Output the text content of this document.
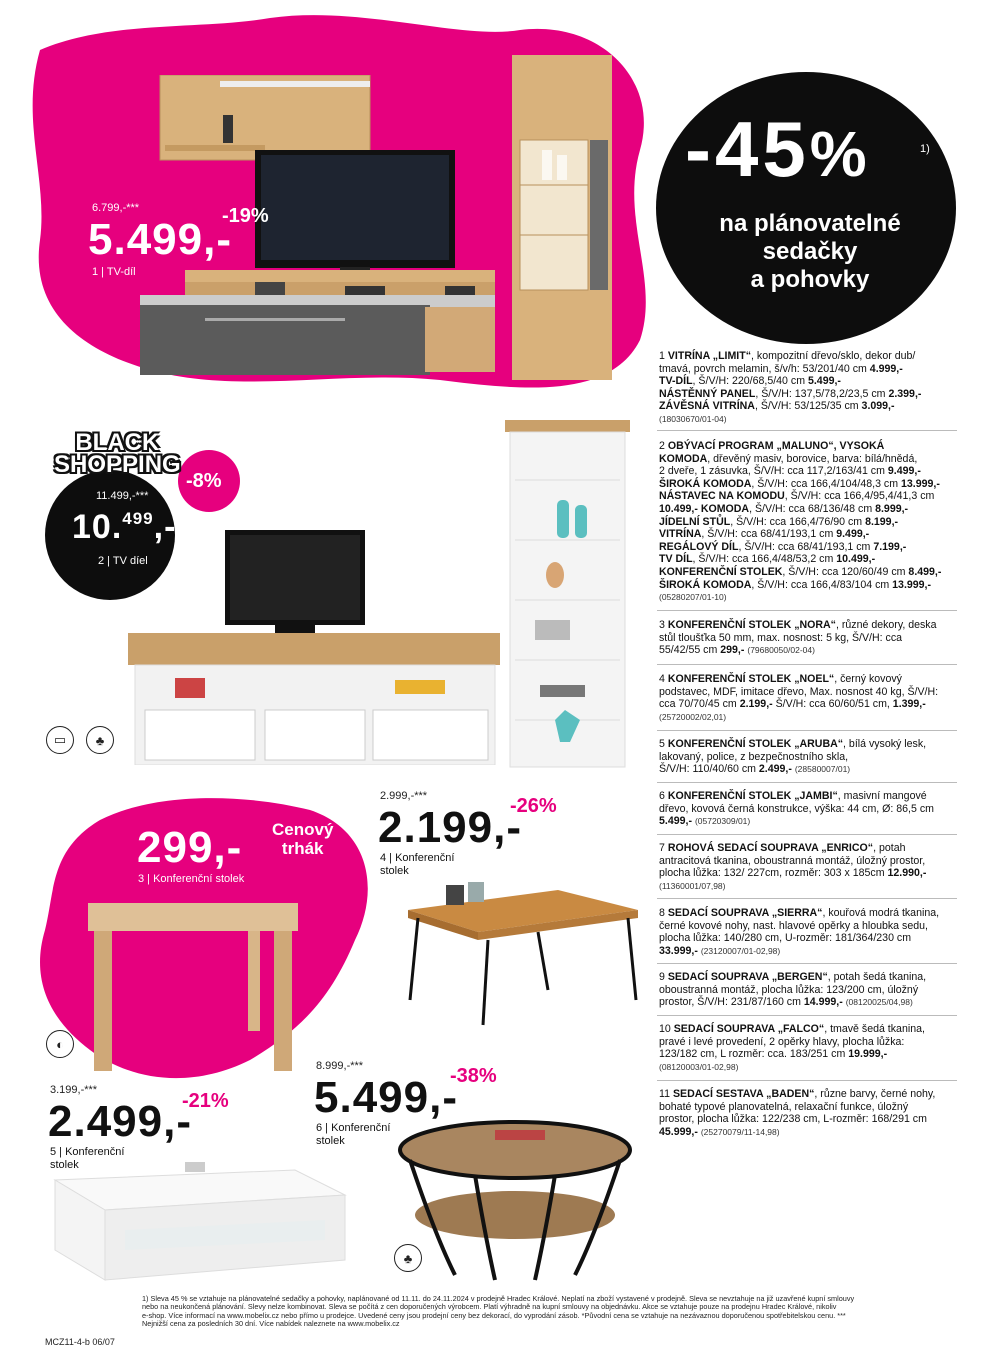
6.799,-***
5.499,-
-19%
1 | TV-díl
-45%	1)
na plánovatelné
sedačky
a pohovky
-8%
BLACK
SHOPPING
11.499,-***
10.$^{499}$,-
2 | TV díel
▭ ♣
299,- Cenový
trhák
3 | Konferenční stolek
◐
2.999,-***
2.199,-
-26%
4 | Konferenční
stolek
3.199,-***
2.499,-
-21%
5 | Konferenční
stolek
8.999,-***
5.499,-
-38%
6 | Konferenční
stolek
♣
1 VITRÍNA „LIMIT“, kompozitní dřevo/sklo, dekor dub/
tmavá, povrch melamin, š/v/h: 53/201/40 cm 4.999,-
TV-DÍL, Š/V/H: 220/68,5/40 cm 5.499,-
NÁSTĚNNÝ PANEL, Š/V/H: 137,5/78,2/23,5 cm 2.399,-
ZÁVĚSNÁ VITRÍNA, Š/V/H: 53/125/35 cm 3.099,-
(18030670/01-04)
2 OBÝVACÍ PROGRAM „MALUNO“, VYSOKÁ
KOMODA, dřevěný masiv, borovice, barva: bílá/hnědá,
2 dveře, 1 zásuvka, Š/V/H: cca 117,2/163/41 cm 9.499,-
ŠIROKÁ KOMODA, Š/V/H: cca 166,4/104/48,3 cm 13.999,-
NÁSTAVEC NA KOMODU, Š/V/H: cca 166,4/95,4/41,3 cm
10.499,- KOMODA, Š/V/H: cca 68/136/48 cm 8.999,-
JÍDELNÍ STŮL, Š/V/H: cca 166,4/76/90 cm 8.199,-
VITRÍNA, Š/V/H: cca 68/41/193,1 cm 9.499,-
REGÁLOVÝ DÍL, Š/V/H: cca 68/41/193,1 cm 7.199,-
TV DÍL, Š/V/H: cca 166,4/48/53,2 cm 10.499,-
KONFERENČNÍ STOLEK, Š/V/H: cca 120/60/49 cm 8.499,-
ŠIROKÁ KOMODA, Š/V/H: cca 166,4/83/104 cm 13.999,-
(05280207/01-10)
3 KONFERENČNÍ STOLEK „NORA“, různé dekory, deska
stůl tloušťka 50 mm, max. nosnost: 5 kg, Š/V/H: cca
55/42/55 cm 299,- (79680050/02-04)
4 KONFERENČNÍ STOLEK „NOEL“, černý kovový
podstavec, MDF, imitace dřevo, Max. nosnost 40 kg, Š/V/H:
cca 70/70/45 cm 2.199,- Š/V/H: cca 60/60/51 cm, 1.399,-
(25720002/02,01)
5 KONFERENČNÍ STOLEK „ARUBA“, bílá vysoký lesk,
lakovaný, police, z bezpečnostního skla,
Š/V/H: 110/40/60 cm 2.499,- (28580007/01)
6 KONFERENČNÍ STOLEK „JAMBI“, masivní mangové
dřevo, kovová černá konstrukce, výška: 44 cm, Ø: 86,5 cm
5.499,- (05720309/01)
7 ROHOVÁ SEDACÍ SOUPRAVA „ENRICO“, potah
antracitová tkanina, oboustranná montáž, úložný prostor,
plocha lůžka: 132/ 227cm, rozměr: 303 x 185cm 12.990,-
(11360001/07,98)
8 SEDACÍ SOUPRAVA „SIERRA“, kouřová modrá tkanina,
černé kovové nohy, nast. hlavové opěrky a hloubka sedu,
plocha lůžka: 140/280 cm, U-rozměr: 181/364/230 cm
33.999,- (23120007/01-02,98)
9 SEDACÍ SOUPRAVA „BERGEN“, potah šedá tkanina,
oboustranná montáž, plocha lůžka: 123/200 cm, úložný
prostor, Š/V/H: 231/87/160 cm 14.999,- (08120025/04,98)
10 SEDACÍ SOUPRAVA „FALCO“, tmavě šedá tkanina,
pravé i levé provedení, 2 opěrky hlavy, plocha lůžka:
123/182 cm, L rozměr: cca. 183/251 cm 19.999,-
(08120003/01-02,98)
11 SEDACÍ SESTAVA „BADEN“, různe barvy, černé nohy,
bohaté typové planovatelná, relaxační funkce, úložný
prostor, plocha lůžka: 122/238 cm, L-rozměr: 168/291 cm
45.999,- (25270079/11-14,98)
1) Sleva 45 % se vztahuje na plánovatelné sedačky a pohovky, naplánované od 11.11. do 24.11.2024 v prodejně Hradec Králové. Neplatí na zboží vystavené v prodejně. Sleva se nevztahuje na již uzavřené kupní smlouvy
nebo na neukončená plánování. Slevy nelze kombinovat. Sleva se počítá z cen doporučených výrobcem. Platí výhradně na kupní smlouvy na objednávku. Akce se vztahuje pouze na prodejnu Hradec Králové, nikoliv
e-shop. Více informací na www.mobelix.cz nebo přímo u prodejce. Uvedené ceny jsou prodejní ceny bez dekorací, do vyprodání zásob. *Původní cena se vztahuje na nezávaznou doporučenou spotřebitelskou cenu. ***
Nejnižší cena za posledních 30 dní. Více nabídek naleznete na www.mobelix.cz
MCZ11-4-b 06/07
